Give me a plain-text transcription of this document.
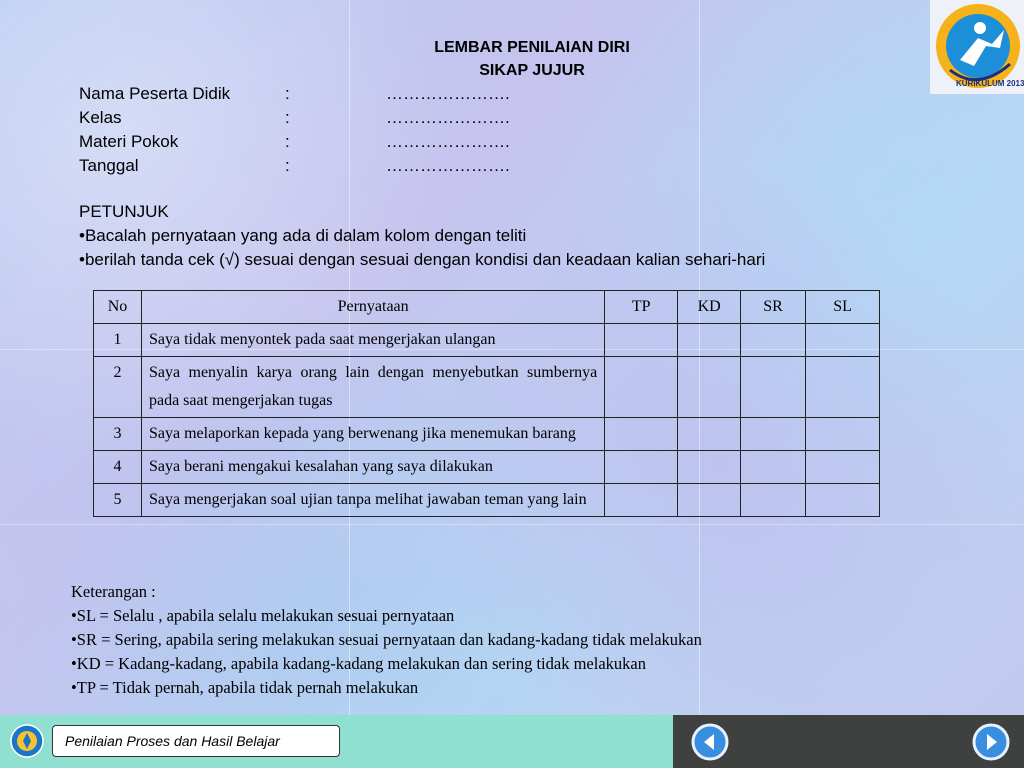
KURIKULUM 2013
LEMBAR PENILAIAN DIRI
SIKAP JUJUR
Nama Peserta Didik	:	………………….
Kelas	:	………………….
Materi Pokok	:	………………….
Tanggal	:	………………….
PETUNJUK
•Bacalah pernyataan yang ada di dalam kolom dengan teliti
•berilah tanda cek (√) sesuai dengan sesuai dengan kondisi dan keadaan kalian sehari-hari
No	Pernyataan	TP	KD	SR	SL
1	Saya tidak menyontek pada saat mengerjakan ulangan				
2	Saya menyalin karya orang lain dengan menyebutkan sumbernya pada saat mengerjakan tugas				
3	Saya melaporkan kepada yang berwenang jika menemukan barang				
4	Saya berani mengakui kesalahan yang saya dilakukan				
5	Saya mengerjakan soal ujian tanpa melihat jawaban teman yang lain				
Keterangan :
•SL = Selalu , apabila selalu melakukan sesuai pernyataan
•SR = Sering, apabila sering melakukan sesuai pernyataan dan kadang-kadang tidak melakukan
•KD = Kadang-kadang, apabila kadang-kadang melakukan dan sering tidak melakukan
•TP = Tidak pernah, apabila tidak pernah melakukan
Penilaian Proses dan Hasil Belajar
